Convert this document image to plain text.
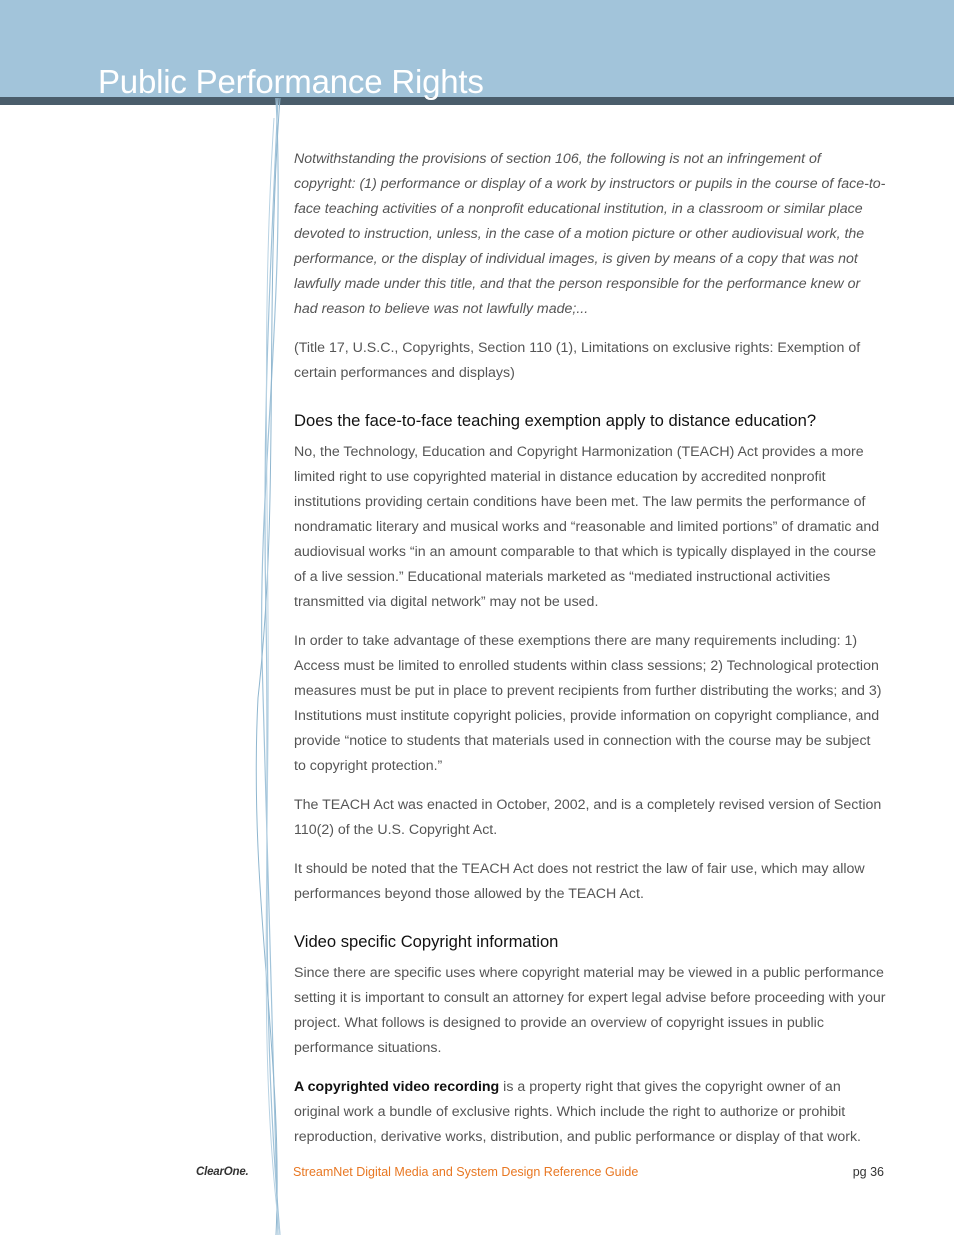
Public Performance Rights

Notwithstanding the provisions of section 106, the following is not an infringement of copyright: (1) performance or display of a work by instructors or pupils in the course of face-to-face teaching activities of a nonprofit educational institution, in a classroom or similar place devoted to instruction, unless, in the case of a motion picture or other audiovisual work, the performance, or the display of individual images, is given by means of a copy that was not lawfully made under this title, and that the person responsible for the performance knew or had reason to believe was not lawfully made;...

(Title 17, U.S.C., Copyrights, Section 110 (1), Limitations on exclusive rights: Exemption of certain performances and displays)

Does the face-to-face teaching exemption apply to distance education?

No, the Technology, Education and Copyright Harmonization (TEACH) Act provides a more limited right to use copyrighted material in distance education by accredited nonprofit institutions providing certain conditions have been met. The law permits the performance of nondramatic literary and musical works and “reasonable and limited portions” of dramatic and audiovisual works “in an amount comparable to that which is typically displayed in the course of a live session.” Educational materials marketed as “mediated instructional activities transmitted via digital network” may not be used.

In order to take advantage of these exemptions there are many requirements including: 1) Access must be limited to enrolled students within class sessions; 2) Technological protection measures must be put in place to prevent recipients from further distributing the works; and 3) Institutions must institute copyright policies, provide information on copyright compliance, and provide “notice to students that materials used in connection with the course may be subject to copyright protection.”

The TEACH Act was enacted in October, 2002, and is a completely revised version of Section 110(2) of the U.S. Copyright Act.

It should be noted that the TEACH Act does not restrict the law of fair use, which may allow performances beyond those allowed by the TEACH Act.

Video specific Copyright information

Since there are specific uses where copyright material may be viewed in a public performance setting it is important to consult an attorney for expert legal advise before proceeding with your project. What follows is designed to provide an overview of copyright issues in public performance situations.

A copyrighted video recording is a property right that gives the copyright owner of an original work a bundle of exclusive rights. Which include the right to authorize or prohibit reproduction, derivative works, distribution, and public performance or display of that work.

ClearOne.	StreamNet Digital Media and System Design Reference Guide	pg 36
